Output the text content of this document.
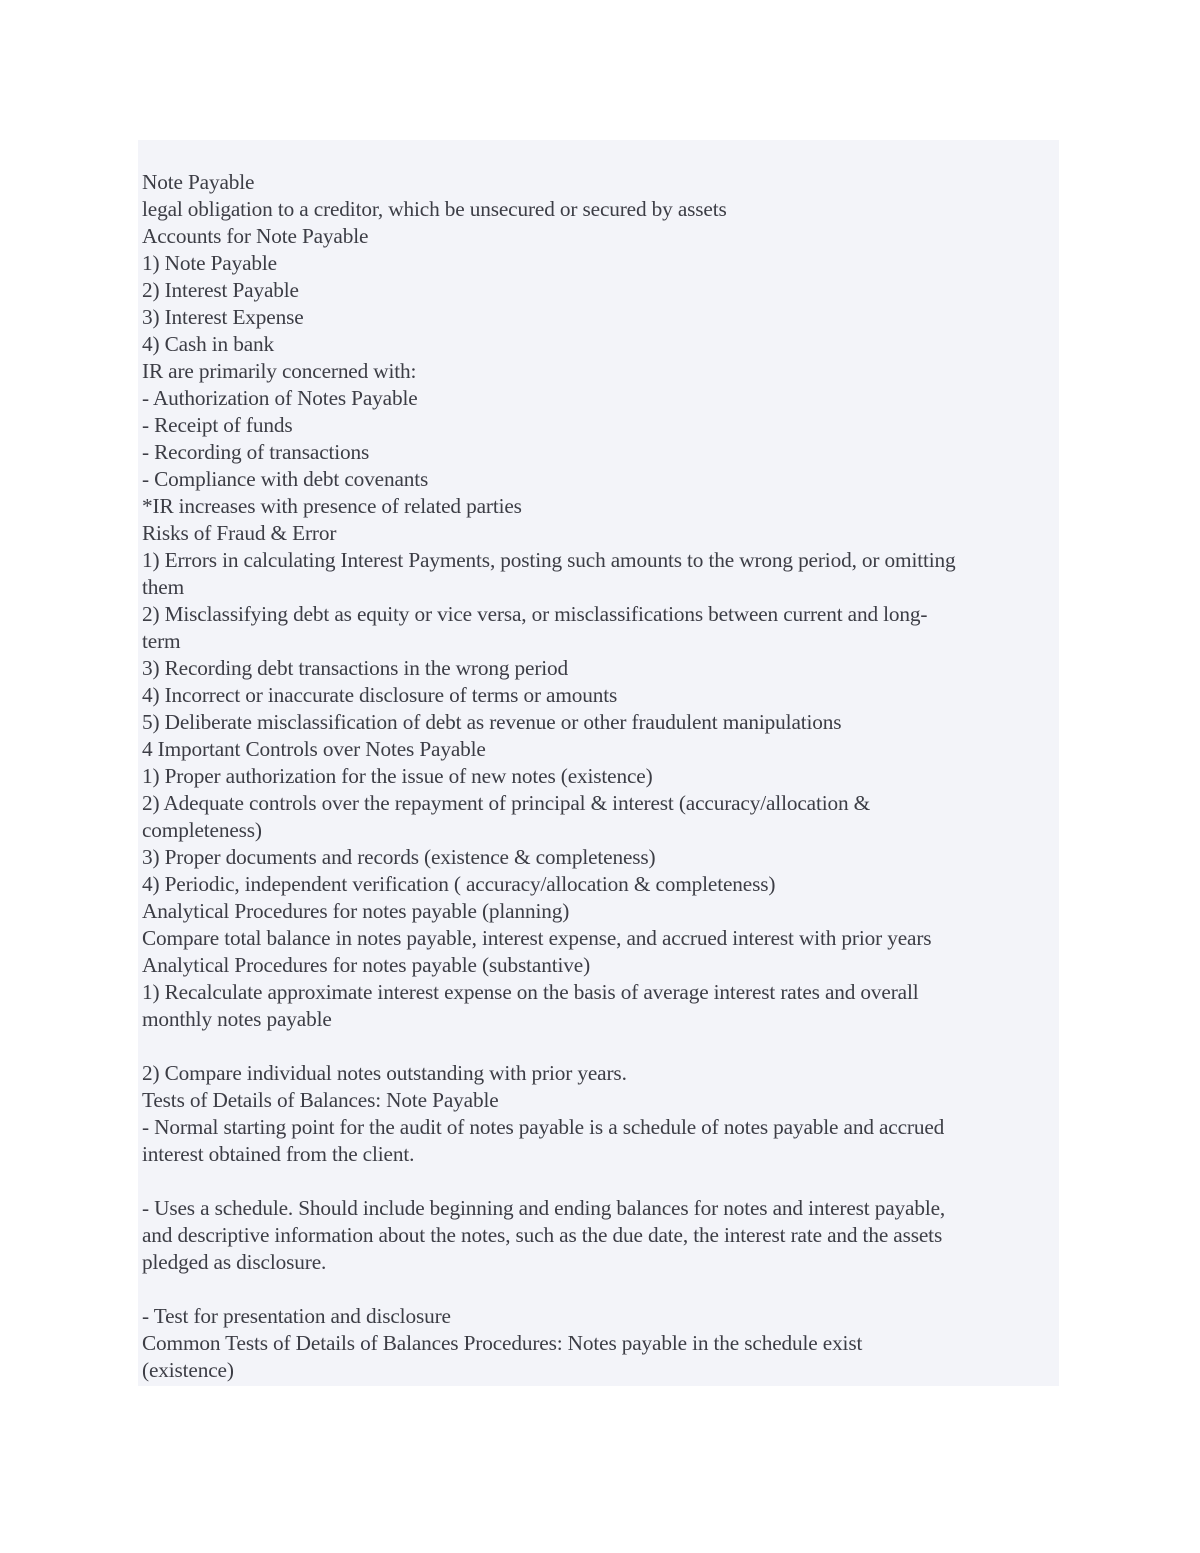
Note Payable
legal obligation to a creditor, which be unsecured or secured by assets
Accounts for Note Payable
1) Note Payable
2) Interest Payable
3) Interest Expense
4) Cash in bank
IR are primarily concerned with:
- Authorization of Notes Payable
- Receipt of funds
- Recording of transactions
- Compliance with debt covenants
*IR increases with presence of related parties
Risks of Fraud & Error
1) Errors in calculating Interest Payments, posting such amounts to the wrong period, or omitting
them
2) Misclassifying debt as equity or vice versa, or misclassifications between current and long-
term
3) Recording debt transactions in the wrong period
4) Incorrect or inaccurate disclosure of terms or amounts
5) Deliberate misclassification of debt as revenue or other fraudulent manipulations
4 Important Controls over Notes Payable
1) Proper authorization for the issue of new notes (existence)
2) Adequate controls over the repayment of principal & interest (accuracy/allocation &
completeness)
3) Proper documents and records (existence & completeness)
4) Periodic, independent verification ( accuracy/allocation & completeness)
Analytical Procedures for notes payable (planning)
Compare total balance in notes payable, interest expense, and accrued interest with prior years
Analytical Procedures for notes payable (substantive)
1) Recalculate approximate interest expense on the basis of average interest rates and overall
monthly notes payable
2) Compare individual notes outstanding with prior years.
Tests of Details of Balances: Note Payable
- Normal starting point for the audit of notes payable is a schedule of notes payable and accrued
interest obtained from the client.
- Uses a schedule. Should include beginning and ending balances for notes and interest payable,
and descriptive information about the notes, such as the due date, the interest rate and the assets
pledged as disclosure.
- Test for presentation and disclosure
Common Tests of Details of Balances Procedures: Notes payable in the schedule exist
(existence)
